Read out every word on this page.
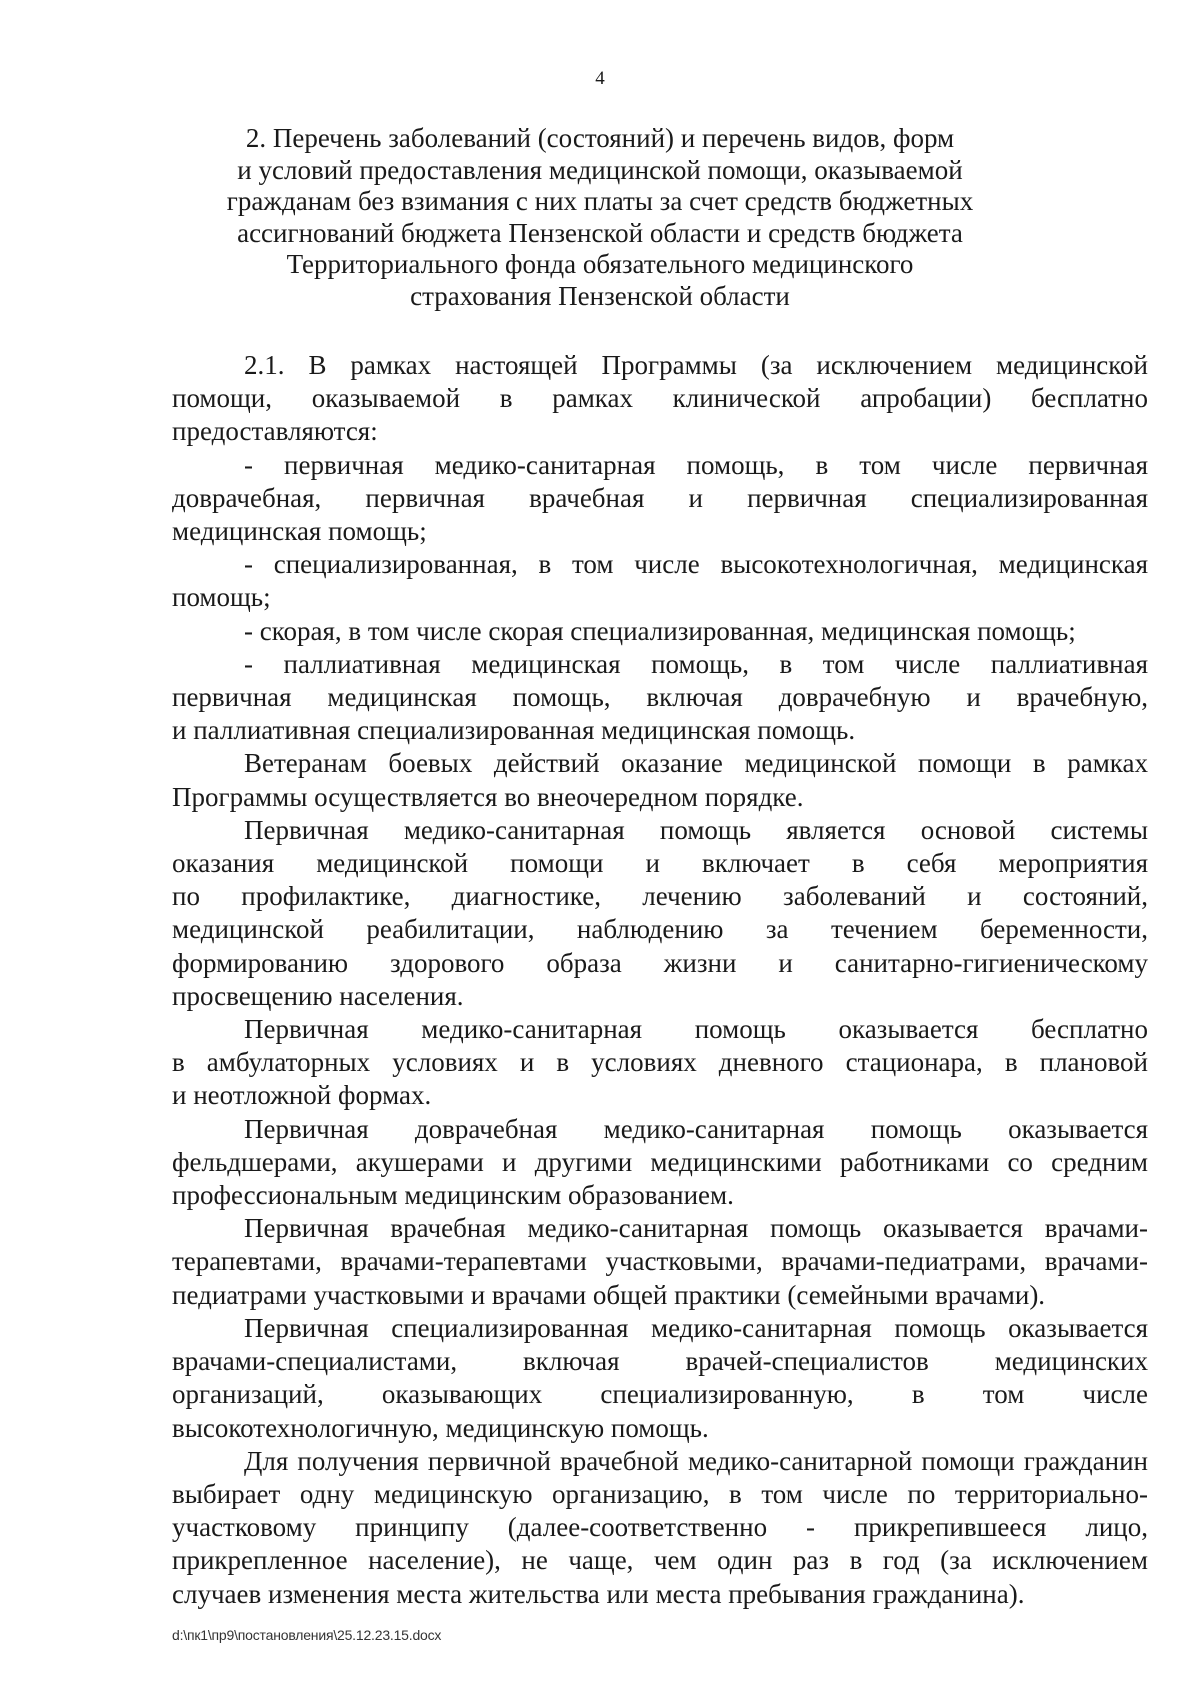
4
2. Перечень заболеваний (состояний) и перечень видов, форм
и условий предоставления медицинской помощи, оказываемой
гражданам без взимания с них платы за счет средств бюджетных
ассигнований бюджета Пензенской области и средств бюджета
Территориального фонда обязательного медицинского
страхования Пензенской области
2.1. В рамках настоящей Программы (за исключением медицинской
помощи, оказываемой в рамках клинической апробации) бесплатно
предоставляются:
- первичная медико-санитарная помощь, в том числе первичная
доврачебная, первичная врачебная и первичная специализированная
медицинская помощь;
- специализированная, в том числе высокотехнологичная, медицинская
помощь;
- скорая, в том числе скорая специализированная, медицинская помощь;
- паллиативная медицинская помощь, в том числе паллиативная
первичная медицинская помощь, включая доврачебную и врачебную,
и паллиативная специализированная медицинская помощь.
Ветеранам боевых действий оказание медицинской помощи в рамках
Программы осуществляется во внеочередном порядке.
Первичная медико-санитарная помощь является основой системы
оказания медицинской помощи и включает в себя мероприятия
по профилактике, диагностике, лечению заболеваний и состояний,
медицинской реабилитации, наблюдению за течением беременности,
формированию здорового образа жизни и санитарно-гигиеническому
просвещению населения.
Первичная медико-санитарная помощь оказывается бесплатно
в амбулаторных условиях и в условиях дневного стационара, в плановой
и неотложной формах.
Первичная доврачебная медико-санитарная помощь оказывается
фельдшерами, акушерами и другими медицинскими работниками со средним
профессиональным медицинским образованием.
Первичная врачебная медико-санитарная помощь оказывается врачами-
терапевтами, врачами-терапевтами участковыми, врачами-педиатрами, врачами-
педиатрами участковыми и врачами общей практики (семейными врачами).
Первичная специализированная медико-санитарная помощь оказывается
врачами-специалистами, включая врачей-специалистов медицинских
организаций, оказывающих специализированную, в том числе
высокотехнологичную, медицинскую помощь.
Для получения первичной врачебной медико-санитарной помощи гражданин
выбирает одну медицинскую организацию, в том числе по территориально-
участковому принципу (далее-соответственно - прикрепившееся лицо,
прикрепленное население), не чаще, чем один раз в год (за исключением
случаев изменения места жительства или места пребывания гражданина).
d:\пк1\пр9\постановления\25.12.23.15.docx
